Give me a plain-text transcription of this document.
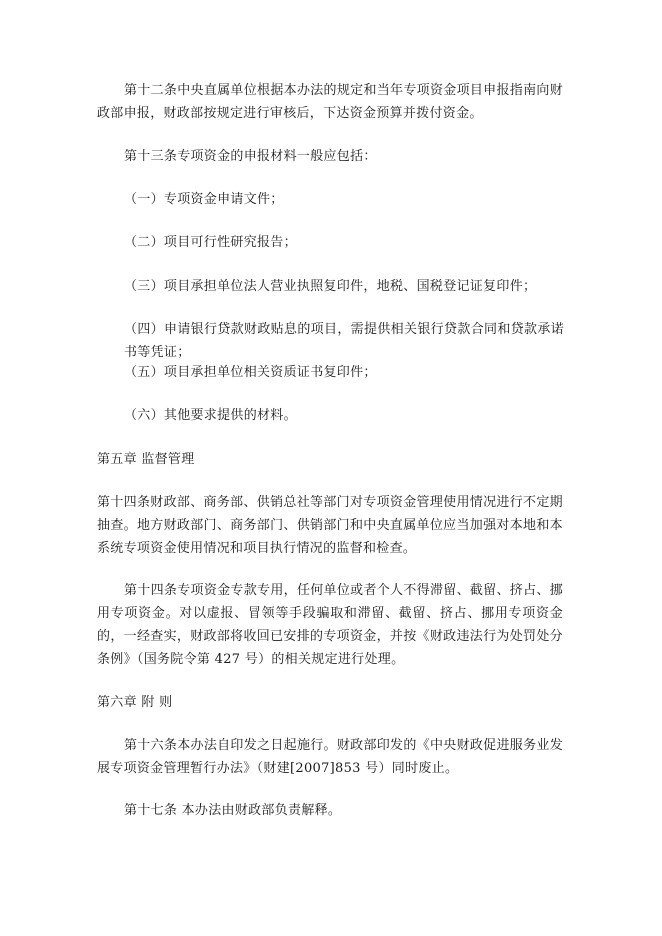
第十二条中央直属单位根据本办法的规定和当年专项资金项目申报指南向财政部申报，财政部按规定进行审核后，下达资金预算并拨付资金。

第十三条专项资金的申报材料一般应包括：

（一）专项资金申请文件；

（二）项目可行性研究报告；

（三）项目承担单位法人营业执照复印件，地税、国税登记证复印件；

（四）申请银行贷款财政贴息的项目，需提供相关银行贷款合同和贷款承诺书等凭证；

（五）项目承担单位相关资质证书复印件；

（六）其他要求提供的材料。

第五章 监督管理

第十四条财政部、商务部、供销总社等部门对专项资金管理使用情况进行不定期抽查。地方财政部门、商务部门、供销部门和中央直属单位应当加强对本地和本系统专项资金使用情况和项目执行情况的监督和检查。

第十四条专项资金专款专用，任何单位或者个人不得滞留、截留、挤占、挪用专项资金。对以虚报、冒领等手段骗取和滞留、截留、挤占、挪用专项资金的，一经查实，财政部将收回已安排的专项资金，并按《财政违法行为处罚处分条例》（国务院令第 427 号）的相关规定进行处理。

第六章 附 则

第十六条本办法自印发之日起施行。财政部印发的《中央财政促进服务业发展专项资金管理暂行办法》（财建[2007]853 号）同时废止。

第十七条 本办法由财政部负责解释。
